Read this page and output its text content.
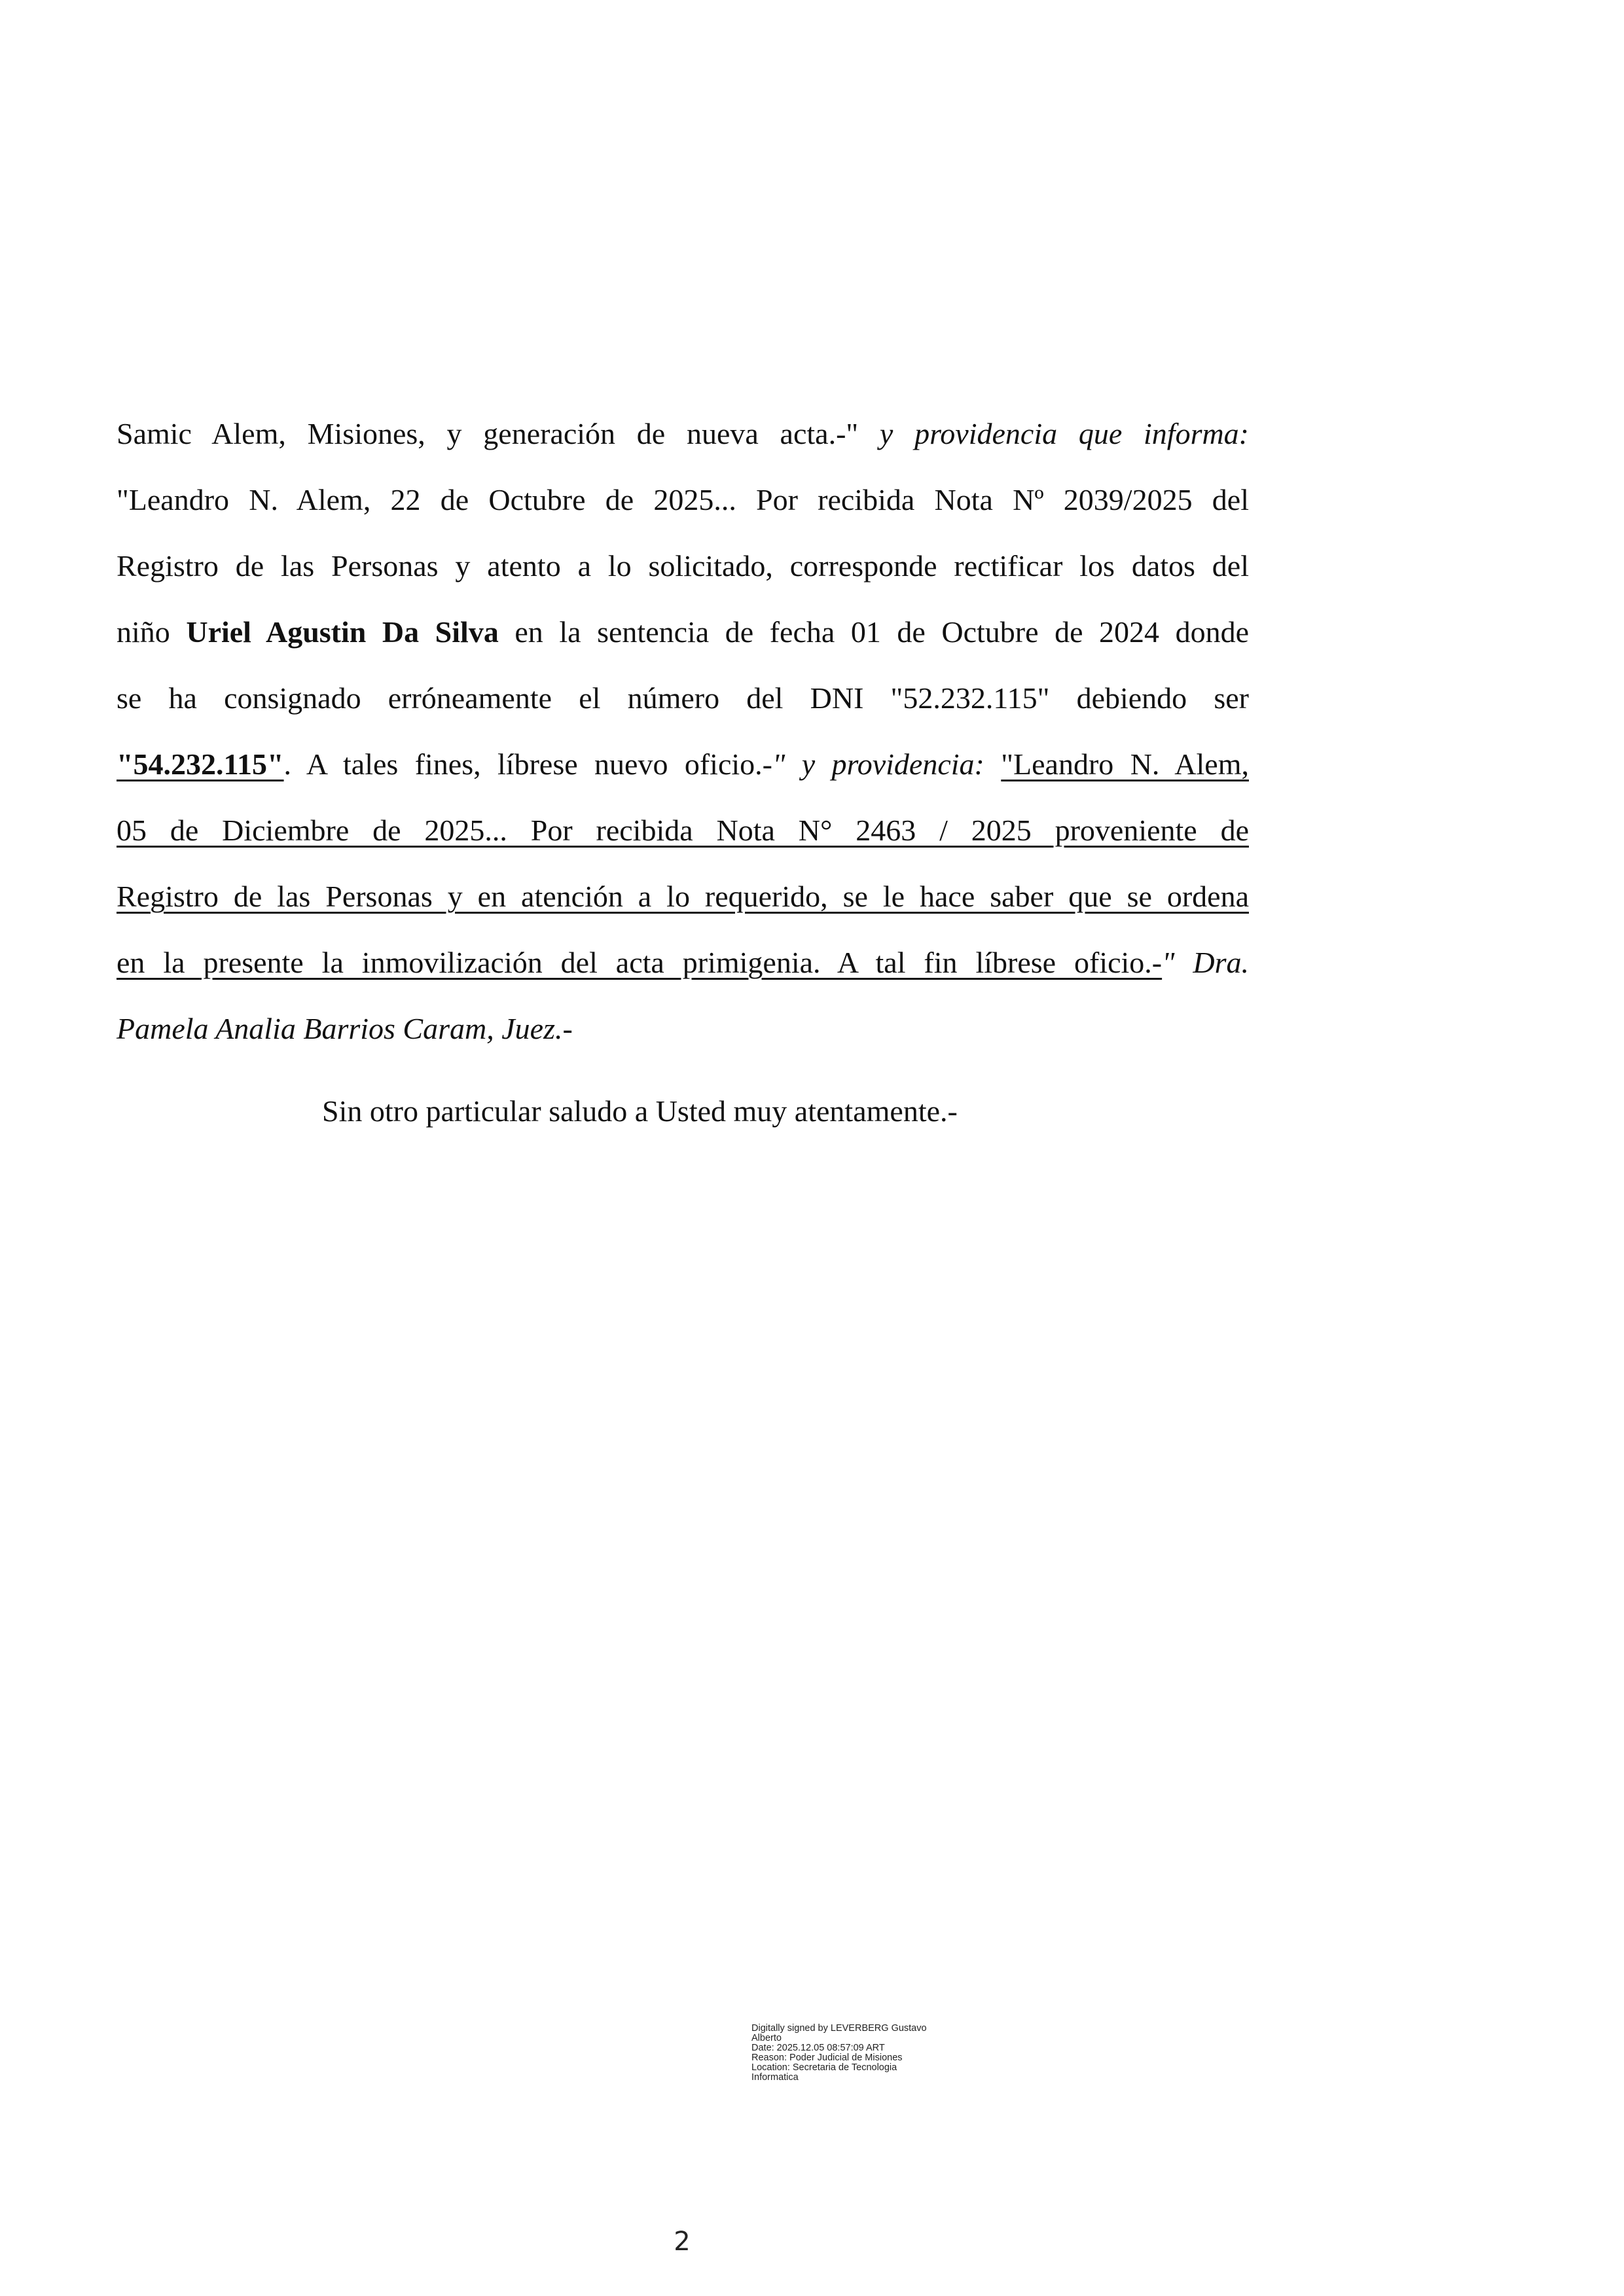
Samic Alem, Misiones, y generación de nueva acta.-" y providencia que informa:
"Leandro N. Alem, 22 de Octubre de 2025... Por recibida Nota Nº 2039/2025 del
Registro de las Personas y atento a lo solicitado, corresponde rectificar los datos del
niño Uriel Agustin Da Silva en la sentencia de fecha 01 de Octubre de 2024 donde
se ha consignado erróneamente el número del DNI "52.232.115" debiendo ser
"54.232.115". A tales fines, líbrese nuevo oficio.-" y providencia: "Leandro N. Alem,
05 de Diciembre de 2025... Por recibida Nota N° 2463 / 2025 proveniente de
Registro de las Personas y en atención a lo requerido, se le hace saber que se ordena
en la presente la inmovilización del acta primigenia. A tal fin líbrese oficio.-" Dra.
Pamela Analia Barrios Caram, Juez.-
Sin otro particular saludo a Usted muy atentamente.-
Digitally signed by LEVERBERG Gustavo
Alberto
Date: 2025.12.05 08:57:09 ART
Reason: Poder Judicial de Misiones
Location: Secretaria de Tecnologia
Informatica
2
